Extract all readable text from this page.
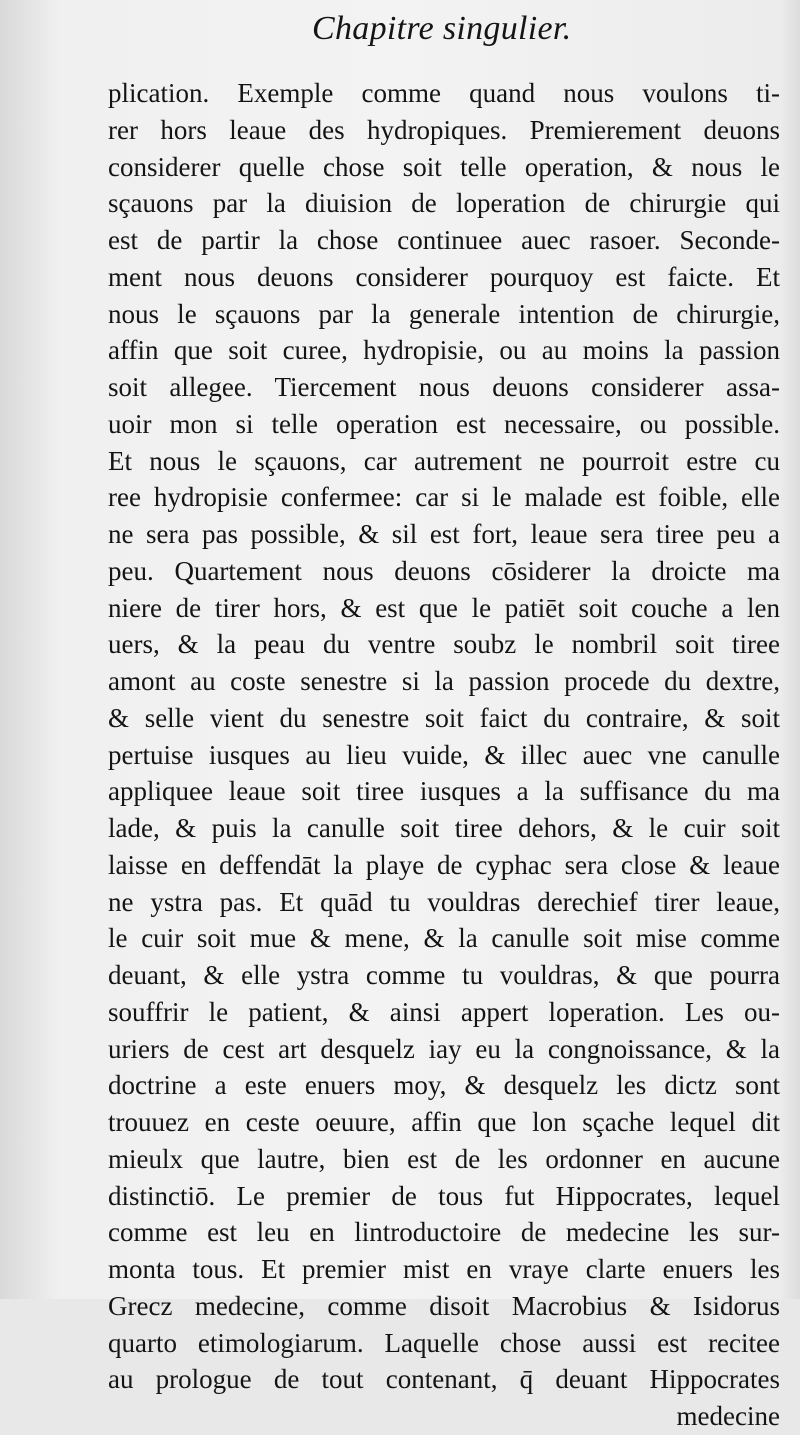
Chapitre singulier.
plication. Exemple comme quand nous voulons ti-
rer hors leaue des hydropiques. Premierement deuons
considerer quelle chose soit telle operation, & nous le
sçauons par la diuision de loperation de chirurgie qui
est de partir la chose continuee auec rasoer. Seconde-
ment nous deuons considerer pourquoy est faicte. Et
nous le sçauons par la generale intention de chirurgie,
affin que soit curee, hydropisie, ou au moins la passion
soit allegee. Tiercement nous deuons considerer assa-
uoir mon si telle operation est necessaire, ou possible.
Et nous le sçauons, car autrement ne pourroit estre cu
ree hydropisie confermee: car si le malade est foible, elle
ne sera pas possible, & sil est fort, leaue sera tiree peu a
peu. Quartement nous deuons cōsiderer la droicte ma
niere de tirer hors, & est que le patiēt soit couche a len
uers, & la peau du ventre soubz le nombril soit tiree
amont au coste senestre si la passion procede du dextre,
& selle vient du senestre soit faict du contraire, & soit
pertuise iusques au lieu vuide, & illec auec vne canulle
appliquee leaue soit tiree iusques a la suffisance du ma
lade, & puis la canulle soit tiree dehors, & le cuir soit
laisse en deffendāt la playe de cyphac sera close & leaue
ne ystra pas. Et quād tu vouldras derechief tirer leaue,
le cuir soit mue & mene, & la canulle soit mise comme
deuant, & elle ystra comme tu vouldras, & que pourra
souffrir le patient, & ainsi appert loperation. Les ou-
uriers de cest art desquelz iay eu la congnoissance, & la
doctrine a este enuers moy, & desquelz les dictz sont
trouuez en ceste oeuure, affin que lon sçache lequel dit
mieulx que lautre, bien est de les ordonner en aucune
distinctiō. Le premier de tous fut Hippocrates, lequel
comme est leu en lintroductoire de medecine les sur-
monta tous. Et premier mist en vraye clarte enuers les
Grecz medecine, comme disoit Macrobius & Isidorus
quarto etimologiarum. Laquelle chose aussi est recitee
au prologue de tout contenant, q̄ deuant Hippocrates
medecine
